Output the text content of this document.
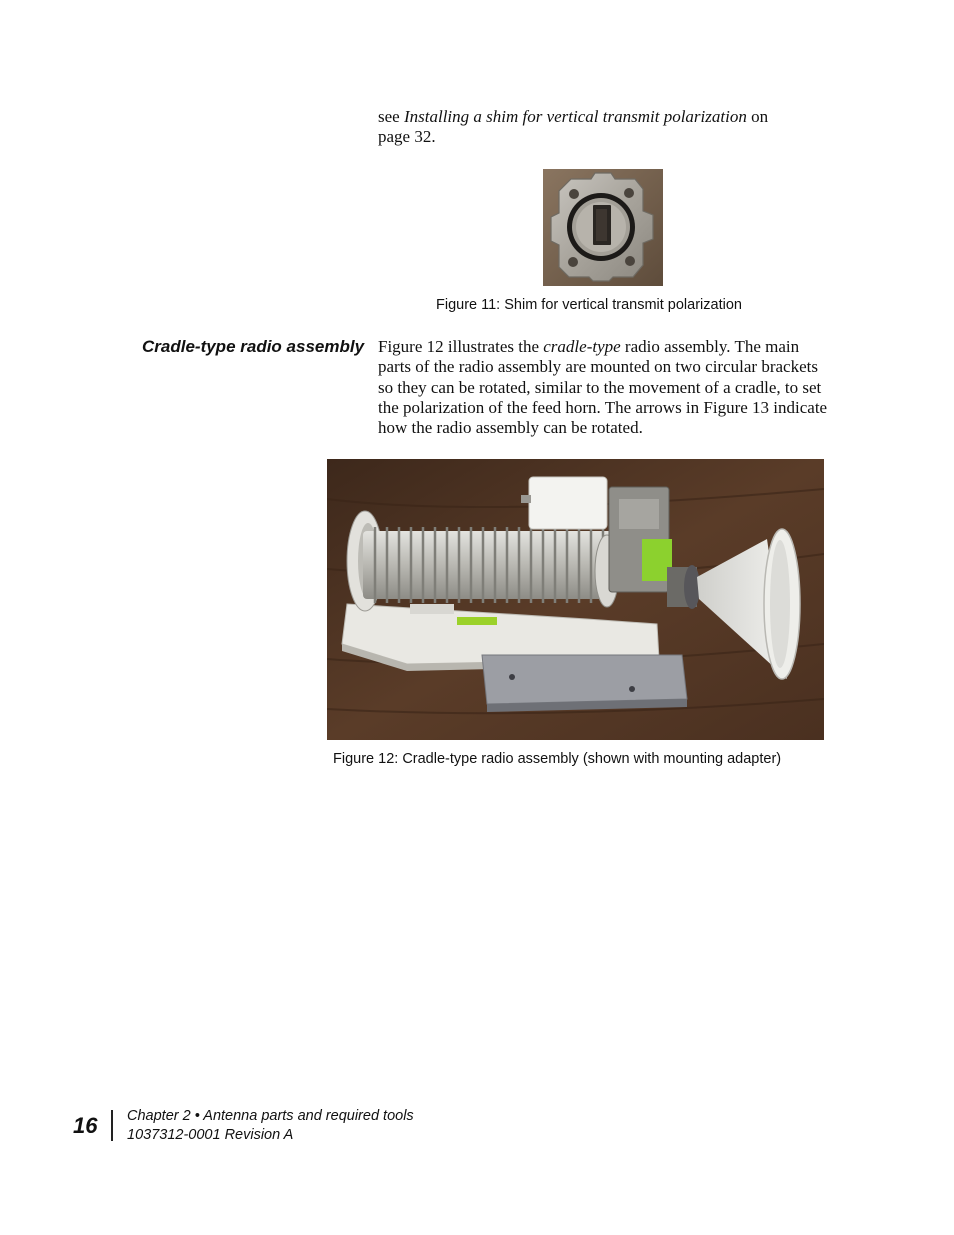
see Installing a shim for vertical transmit polarization on page 32.
Figure 11: Shim for vertical transmit polarization
Cradle-type radio assembly Figure 12 illustrates the cradle-type radio assembly. The main parts of the radio assembly are mounted on two circular brackets so they can be rotated, similar to the movement of a cradle, to set the polarization of the feed horn. The arrows in Figure 13 indicate how the radio assembly can be rotated.
Figure 12: Cradle-type radio assembly (shown with mounting adapter)
16 Chapter 2 • Antenna parts and required tools
1037312-0001 Revision A
